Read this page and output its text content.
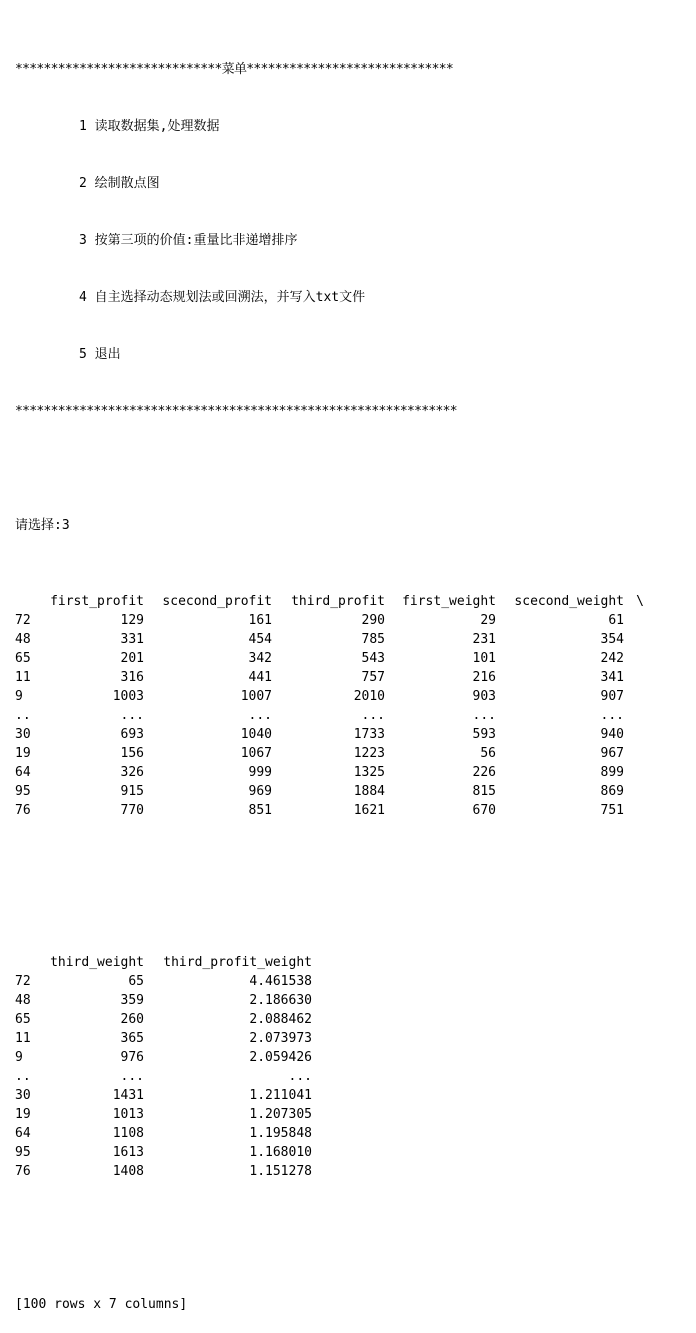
*****************************菜单*****************************

1 读取数据集,处理数据

2 绘制散点图

3 按第三项的价值:重量比非递增排序

4 自主选择动态规划法或回溯法，并写入txt文件

5 退出

**************************************************************

请选择:3

	first_profit	scecond_profit	third_profit	first_weight	scecond_weight	\
72	129	161	290	29	61	
48	331	454	785	231	354	
65	201	342	543	101	242	
11	316	441	757	216	341	
9	1003	1007	2010	903	907	
..	...	...	...	...	...	
30	693	1040	1733	593	940	
19	156	1067	1223	56	967	
64	326	999	1325	226	899	
95	915	969	1884	815	869	
76	770	851	1621	670	751	

	third_weight	third_profit_weight
72	65	4.461538
48	359	2.186630
65	260	2.088462
11	365	2.073973
9	976	2.059426
..	...	...
30	1431	1.211041
19	1013	1.207305
64	1108	1.195848
95	1613	1.168010
76	1408	1.151278

[100 rows x 7 columns]
